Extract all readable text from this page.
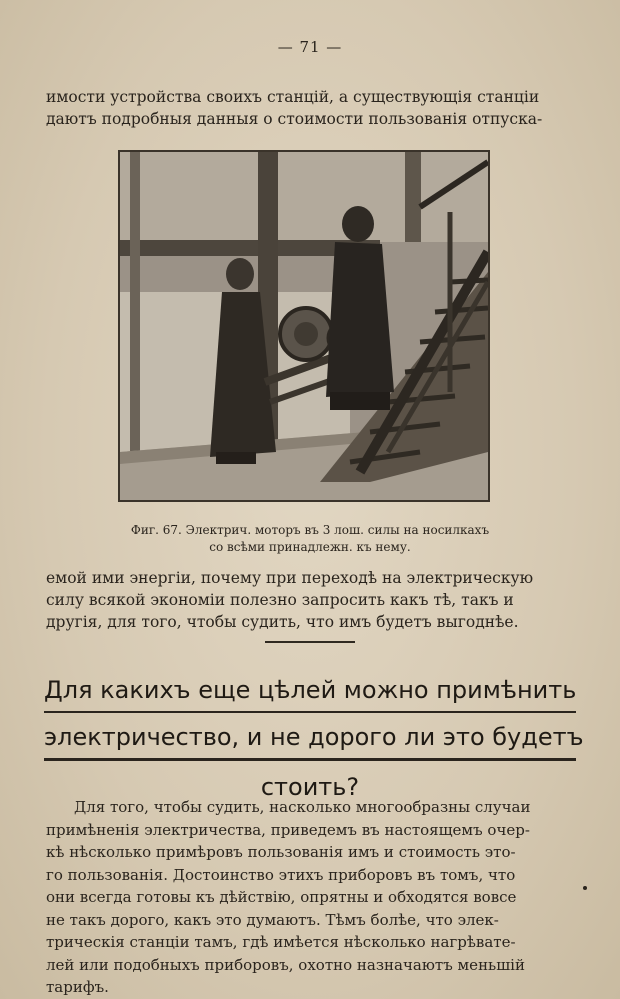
— 71 —
имости устройства своихъ станцій, а существующія станціи
даютъ подробныя данныя о стоимости пользованія отпуска-
Фиг. 67. Электрич. моторъ въ 3 лош. силы на носилкахъ
со всѣми принадлежн. къ нему.
емой ими энергіи, почему при переходѣ на электрическую
силу всякой экономіи полезно запросить какъ тѣ, такъ и
другія, для того, чтобы судить, что имъ будетъ выгоднѣе.
Для какихъ еще цѣлей можно примѣнить
электричество, и не дорого ли это будетъ
стоить?
Для того, чтобы судить, насколько многообразны случаи
примѣненія электричества, приведемъ въ настоящемъ очер-
кѣ нѣсколько примѣровъ пользованія имъ и стоимость это-
го пользованія. Достоинство этихъ приборовъ въ томъ, что
они всегда готовы къ дѣйствію, опрятны и обходятся вовсе
не такъ дорого, какъ это думаютъ. Тѣмъ болѣе, что элек-
трическія станціи тамъ, гдѣ имѣется нѣсколько нагрѣвате-
лей или подобныхъ приборовъ, охотно назначаютъ меньшій
тарифъ.
